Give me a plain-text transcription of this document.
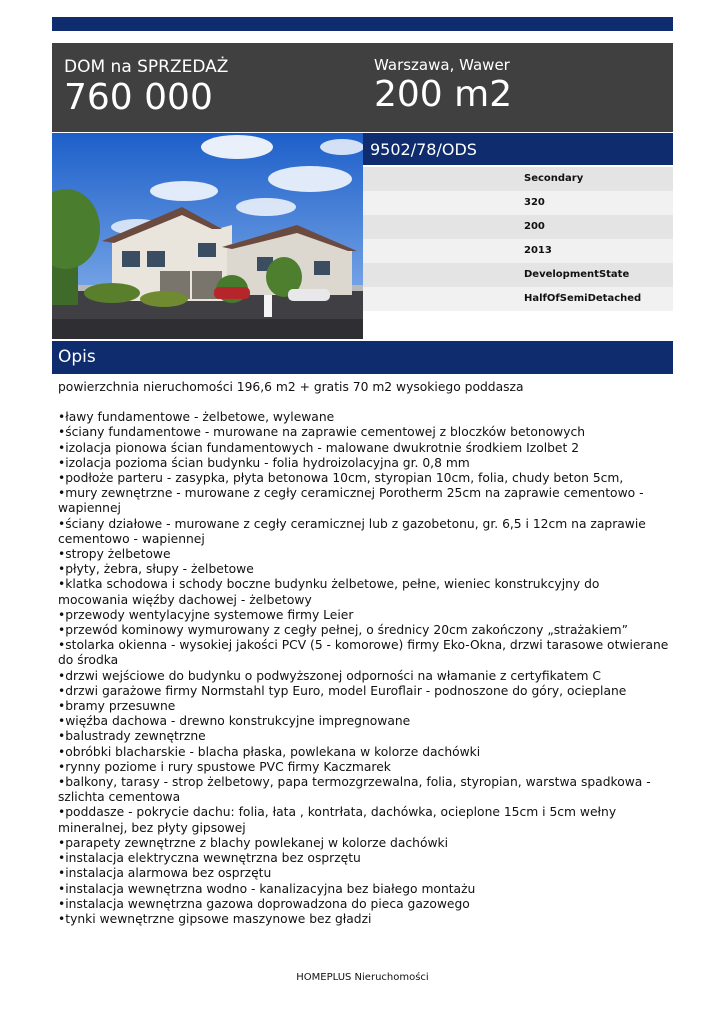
DOM na SPRZEDAŻ
760 000
Warszawa, Wawer
200 m2
9502/78/ODS
Secondary
320
200
2013
DevelopmentState
HalfOfSemiDetached
Opis

powierzchnia nieruchomości 196,6 m2 + gratis 70 m2 wysokiego poddasza

•ławy fundamentowe - żelbetowe, wylewane
•ściany fundamentowe - murowane na zaprawie cementowej z bloczków betonowych
•izolacja pionowa ścian fundamentowych - malowane dwukrotnie środkiem Izolbet 2
•izolacja pozioma ścian budynku - folia hydroizolacyjna gr. 0,8 mm
•podłoże parteru - zasypka, płyta betonowa 10cm, styropian 10cm, folia, chudy beton 5cm,
•mury zewnętrzne - murowane z cegły ceramicznej Porotherm 25cm na zaprawie cementowo - wapiennej
•ściany działowe - murowane z cegły ceramicznej lub z gazobetonu, gr. 6,5 i 12cm na zaprawie cementowo - wapiennej
•stropy żelbetowe
•płyty, żebra, słupy - żelbetowe
•klatka schodowa i schody boczne budynku żelbetowe, pełne, wieniec konstrukcyjny do mocowania więźby dachowej - żelbetowy
•przewody wentylacyjne systemowe firmy Leier
•przewód kominowy wymurowany z cegły pełnej, o średnicy 20cm zakończony „strażakiem”
•stolarka okienna - wysokiej jakości PCV (5 - komorowe) firmy Eko-Okna, drzwi tarasowe otwierane do środka
•drzwi wejściowe do budynku o podwyższonej odporności na włamanie z certyfikatem C
•drzwi garażowe firmy Normstahl typ Euro, model Euroflair - podnoszone do góry, ocieplane
•bramy przesuwne
•więźba dachowa - drewno konstrukcyjne impregnowane
•balustrady zewnętrzne
•obróbki blacharskie - blacha płaska, powlekana w kolorze dachówki
•rynny poziome i rury spustowe PVC firmy Kaczmarek
•balkony, tarasy - strop żelbetowy, papa termozgrzewalna, folia, styropian, warstwa spadkowa - szlichta cementowa
•poddasze - pokrycie dachu: folia, łata , kontrłata, dachówka, ocieplone 15cm i 5cm wełny mineralnej, bez płyty gipsowej
•parapety zewnętrzne z blachy powlekanej w kolorze dachówki
•instalacja elektryczna wewnętrzna bez osprzętu
•instalacja alarmowa bez osprzętu
•instalacja wewnętrzna wodno - kanalizacyjna bez białego montażu
•instalacja wewnętrzna gazowa doprowadzona do pieca gazowego
•tynki wewnętrzne gipsowe maszynowe bez gładzi
HOMEPLUS Nieruchomości
